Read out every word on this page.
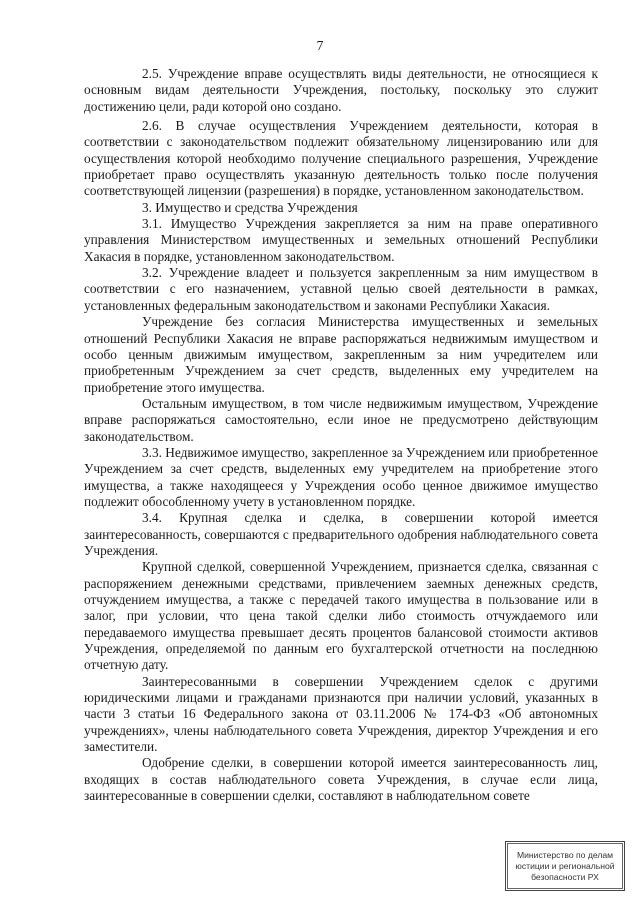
7

2.5. Учреждение вправе осуществлять виды деятельности, не относящиеся к основным видам деятельности Учреждения, постольку, поскольку это служит достижению цели, ради которой оно создано.

2.6. В случае осуществления Учреждением деятельности, которая в соответствии с законодательством подлежит обязательному лицензированию или для осуществления которой необходимо получение специального разрешения, Учреждение приобретает право осуществлять указанную деятельность только после получения соответствующей лицензии (разрешения) в порядке, установленном законодательством.

3. Имущество и средства Учреждения

3.1. Имущество Учреждения закрепляется за ним на праве оперативного управления Министерством имущественных и земельных отношений Республики Хакасия в порядке, установленном законодательством.

3.2. Учреждение владеет и пользуется закрепленным за ним имуществом в соответствии с его назначением, уставной целью своей деятельности в рамках, установленных федеральным законодательством и законами Республики Хакасия.

Учреждение без согласия Министерства имущественных и земельных отношений Республики Хакасия не вправе распоряжаться недвижимым имуществом и особо ценным движимым имуществом, закрепленным за ним учредителем или приобретенным Учреждением за счет средств, выделенных ему учредителем на приобретение этого имущества.

Остальным имуществом, в том числе недвижимым имуществом, Учреждение вправе распоряжаться самостоятельно, если иное не предусмотрено действующим законодательством.

3.3. Недвижимое имущество, закрепленное за Учреждением или приобретенное Учреждением за счет средств, выделенных ему учредителем на приобретение этого имущества, а также находящееся у Учреждения особо ценное движимое имущество подлежит обособленному учету в установленном порядке.

3.4. Крупная сделка и сделка, в совершении которой имеется заинтересованность, совершаются с предварительного одобрения наблюдательного совета Учреждения.

Крупной сделкой, совершенной Учреждением, признается сделка, связанная с распоряжением денежными средствами, привлечением заемных денежных средств, отчуждением имущества, а также с передачей такого имущества в пользование или в залог, при условии, что цена такой сделки либо стоимость отчуждаемого или передаваемого имущества превышает десять процентов балансовой стоимости активов Учреждения, определяемой по данным его бухгалтерской отчетности на последнюю отчетную дату.

Заинтересованными в совершении Учреждением сделок с другими юридическими лицами и гражданами признаются при наличии условий, указанных в части 3 статьи 16 Федерального закона от 03.11.2006 № 174-ФЗ «Об автономных учреждениях», члены наблюдательного совета Учреждения, директор Учреждения и его заместители.

Одобрение сделки, в совершении которой имеется заинтересованность лиц, входящих в состав наблюдательного совета Учреждения, в случае если лица, заинтересованные в совершении сделки, составляют в наблюдательном совете

Министерство по делам
юстиции и региональной
безопасности РХ
